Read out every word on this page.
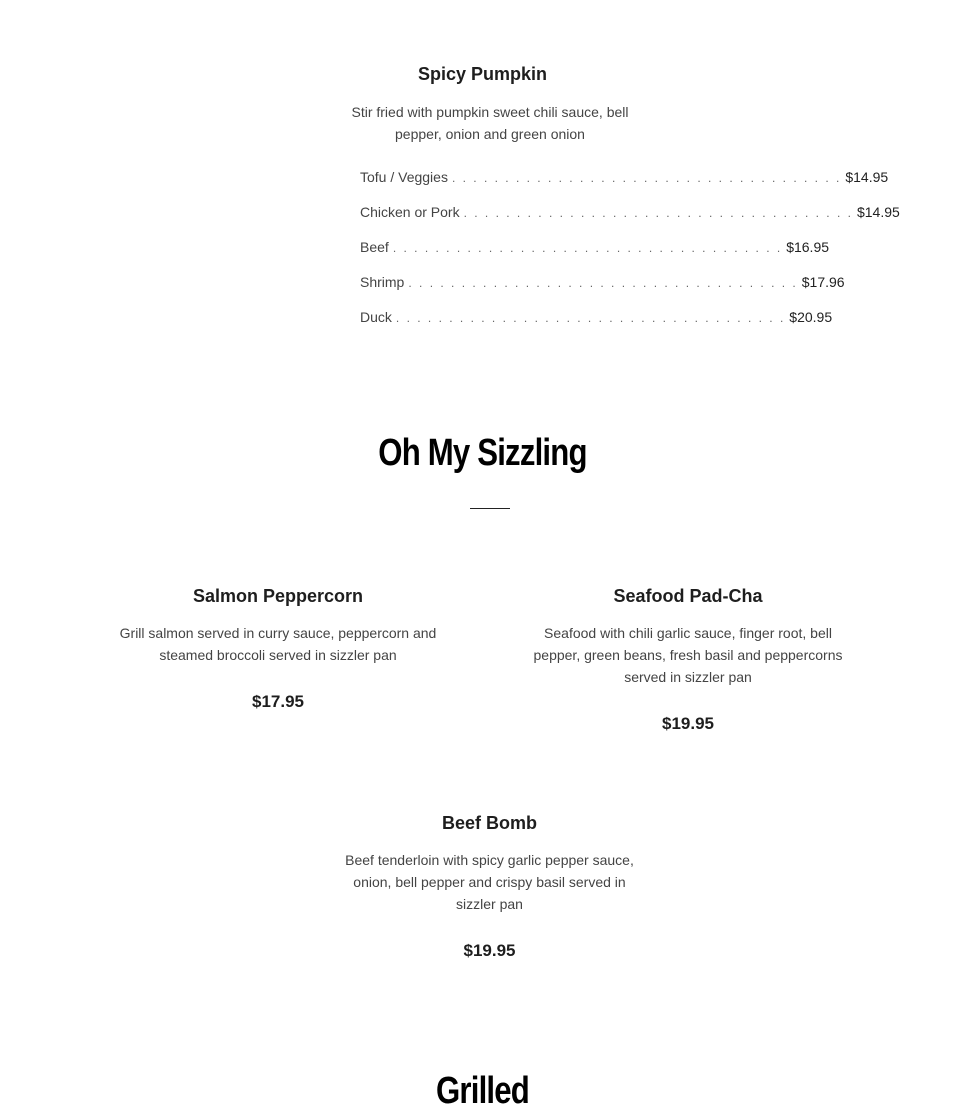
Spicy Pumpkin

Stir fried with pumpkin sweet chili sauce, bell pepper, onion and green onion

Tofu / Veggies . . . . . . . . . . . . . . . . . . . . . . . . . . . . . . . . . . . . . $14.95
Chicken or Pork . . . . . . . . . . . . . . . . . . . . . . . . . . . . . . . . . . . . . $14.95
Beef . . . . . . . . . . . . . . . . . . . . . . . . . . . . . . . . . . . . . $16.95
Shrimp . . . . . . . . . . . . . . . . . . . . . . . . . . . . . . . . . . . . . $17.96
Duck . . . . . . . . . . . . . . . . . . . . . . . . . . . . . . . . . . . . . $20.95
Oh My Sizzling
Salmon Peppercorn

Grill salmon served in curry sauce, peppercorn and steamed broccoli served in sizzler pan

$17.95
Seafood Pad-Cha

Seafood with chili garlic sauce, finger root, bell pepper, green beans, fresh basil and peppercorns served in sizzler pan

$19.95
Beef Bomb

Beef tenderloin with spicy garlic pepper sauce, onion, bell pepper and crispy basil served in sizzler pan

$19.95
Grilled
